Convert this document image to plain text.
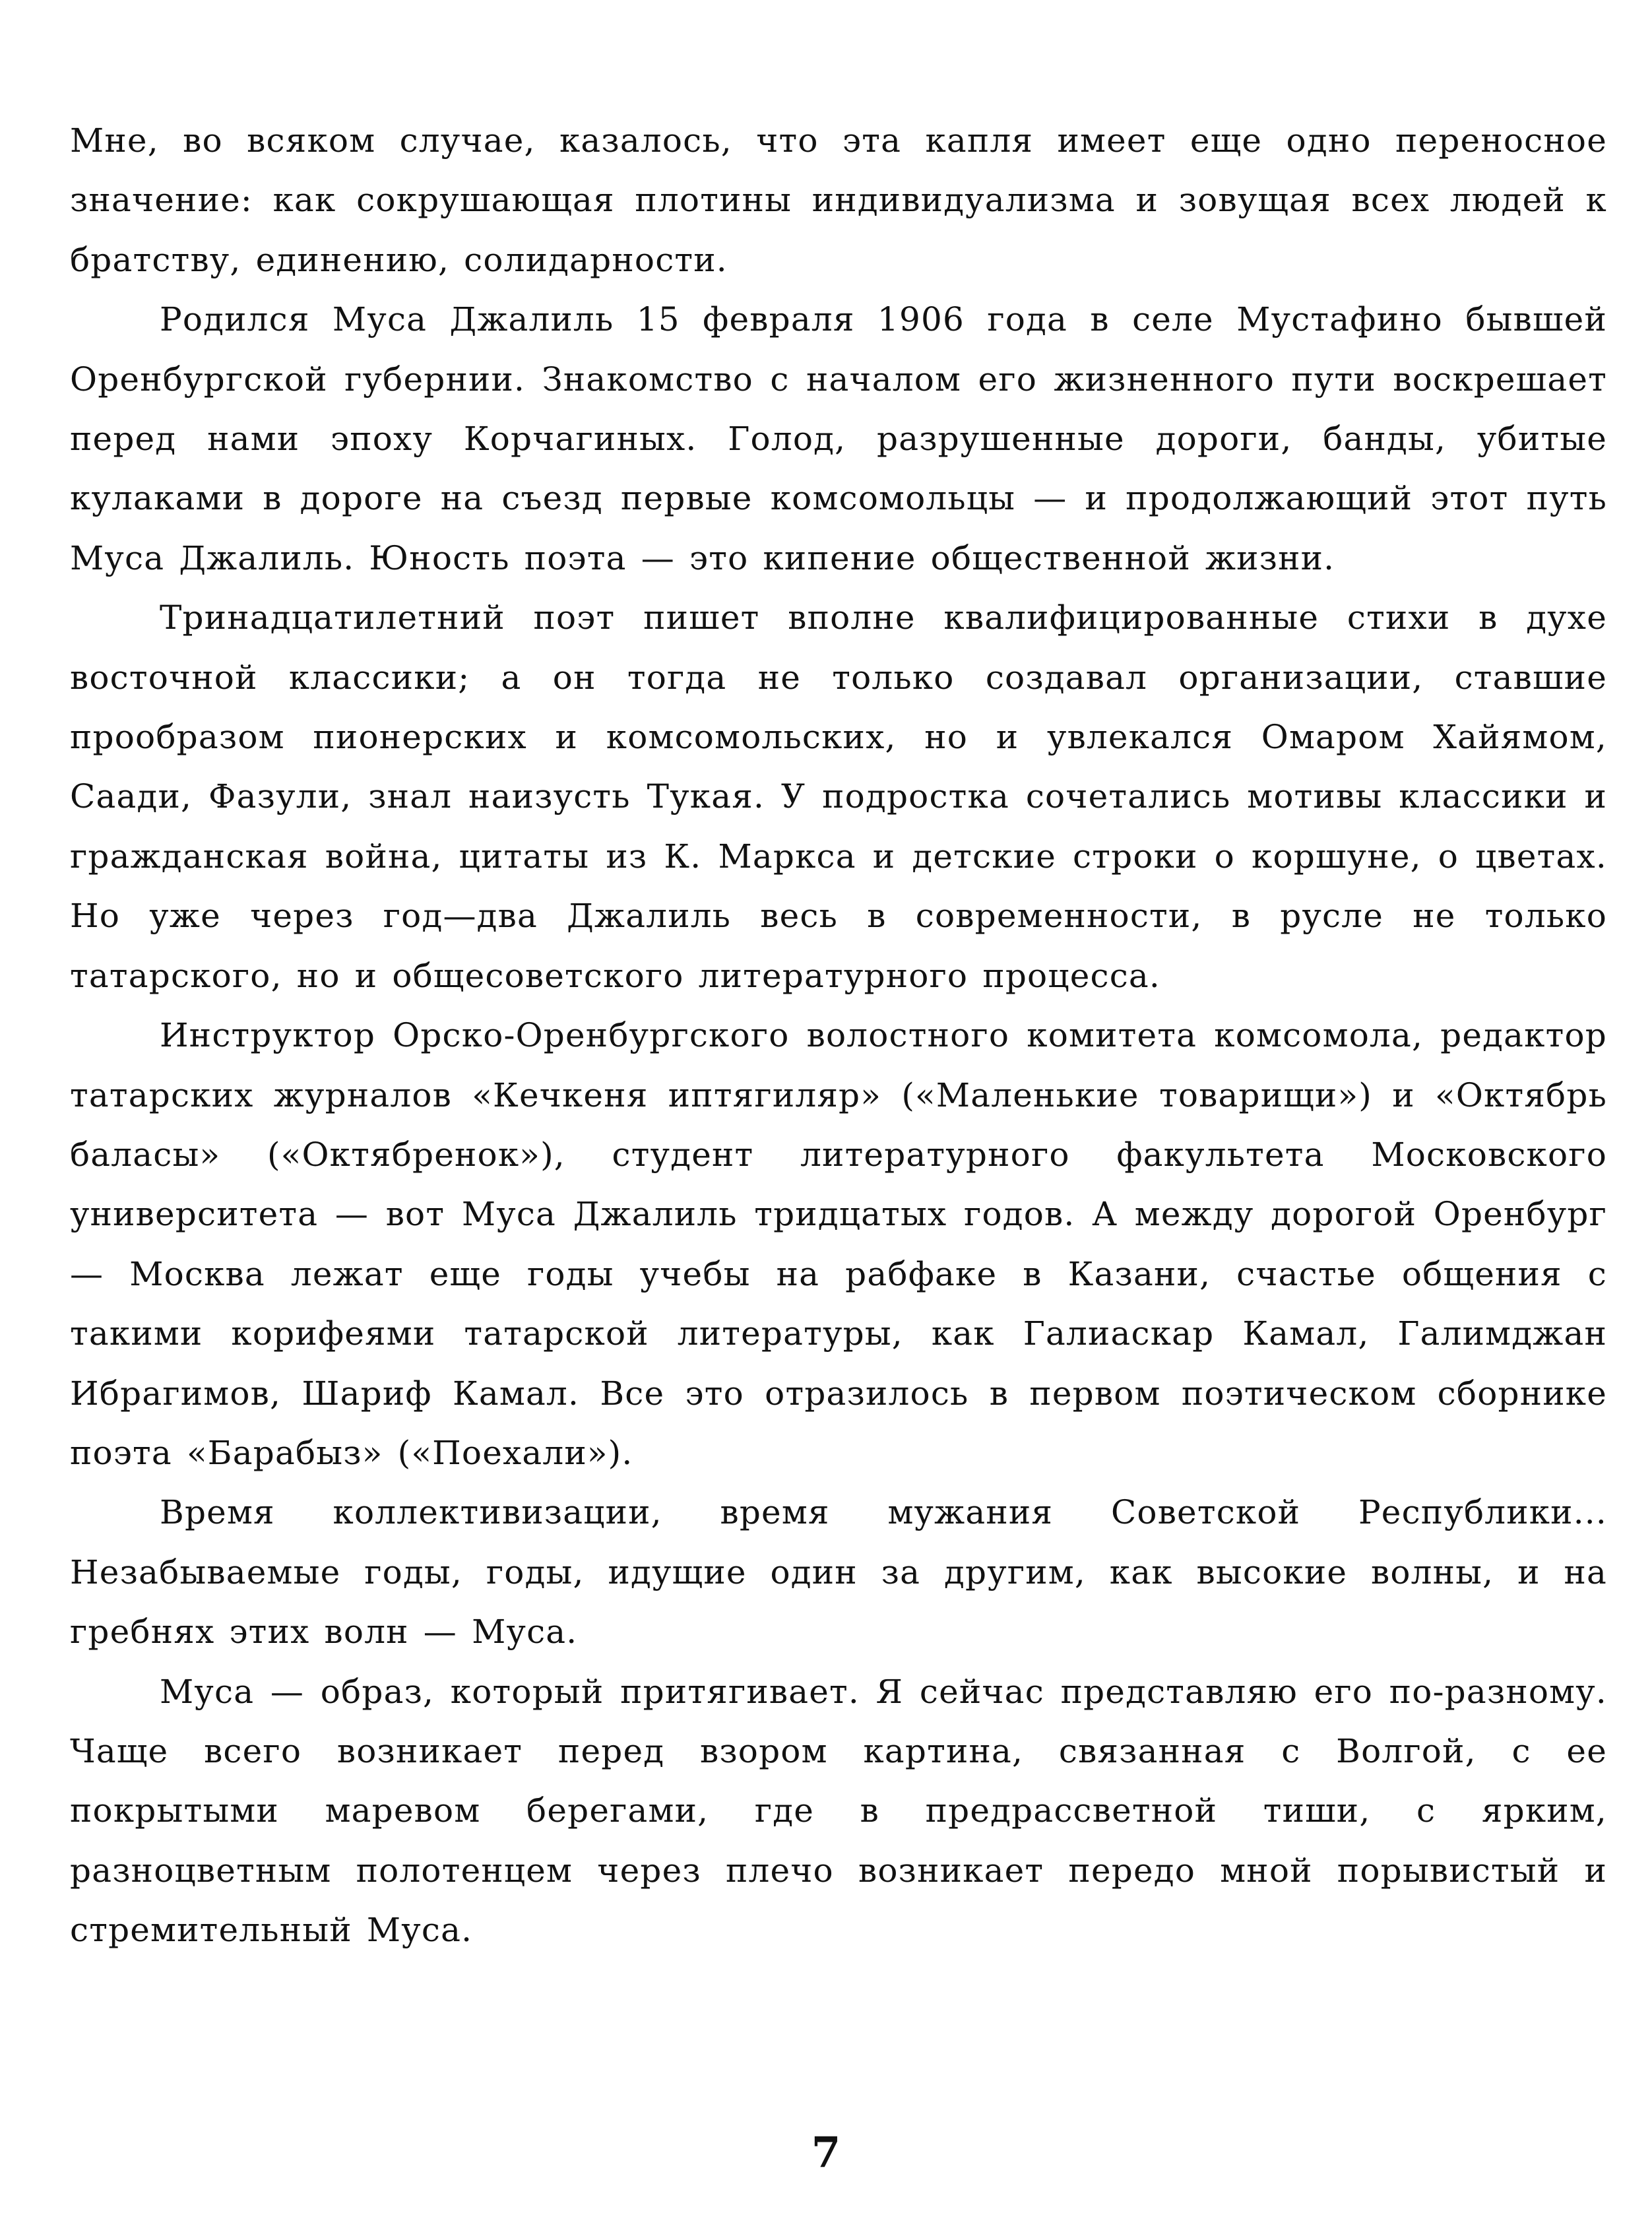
Мне, во всяком случае, казалось, что эта капля имеет еще одно переносное значение: как сокрушающая плотины индивидуализма и зовущая всех людей к братству, единению, солидарности.

Родился Муса Джалиль 15 февраля 1906 года в селе Мустафино бывшей Оренбургской губернии. Знакомство с началом его жизненного пути воскрешает перед нами эпоху Корчагиных. Голод, разрушенные дороги, банды, убитые кулаками в дороге на съезд первые комсомольцы — и продолжающий этот путь Муса Джалиль. Юность поэта — это кипение общественной жизни.

Тринадцатилетний поэт пишет вполне квалифицированные стихи в духе восточной классики; а он тогда не только создавал организации, ставшие прообразом пионерских и комсомольских, но и увлекался Омаром Хайямом, Саади, Фазули, знал наизусть Тукая. У подростка сочетались мотивы классики и гражданская война, цитаты из К. Маркса и детские строки о коршуне, о цветах. Но уже через год—два Джалиль весь в современности, в русле не только татарского, но и общесоветского литературного процесса.

Инструктор Орско-Оренбургского волостного комитета комсомола, редактор татарских журналов «Кечкеня иптягиляр» («Маленькие товарищи») и «Октябрь баласы» («Октябренок»), студент литературного факультета Московского университета — вот Муса Джалиль тридцатых годов. А между дорогой Оренбург — Москва лежат еще годы учебы на рабфаке в Казани, счастье общения с такими корифеями татарской литературы, как Галиаскар Камал, Галимджан Ибрагимов, Шариф Камал. Все это отразилось в первом поэтическом сборнике поэта «Барабыз» («Поехали»).

Время коллективизации, время мужания Советской Республики... Незабываемые годы, годы, идущие один за другим, как высокие волны, и на гребнях этих волн — Муса.

Муса — образ, который притягивает. Я сейчас представляю его по-разному. Чаще всего возникает перед взором картина, связанная с Волгой, с ее покрытыми маревом берегами, где в предрассветной тиши, с ярким, разноцветным полотенцем через плечо возникает передо мной порывистый и стремительный Муса.

7
